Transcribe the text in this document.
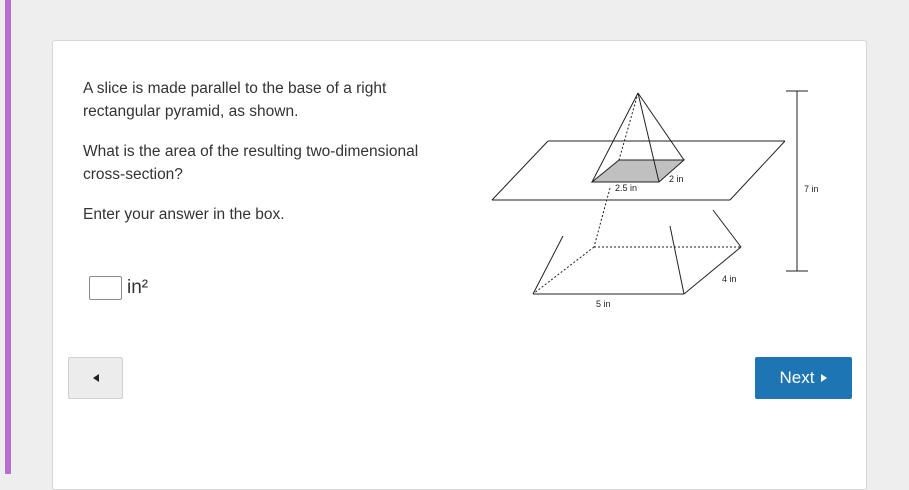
A slice is made parallel to the base of a right rectangular pyramid, as shown.

What is the area of the resulting two-dimensional cross-section?

Enter your answer in the box.

in²
2.5 in
2 in
7 in
4 in
5 in
Next
